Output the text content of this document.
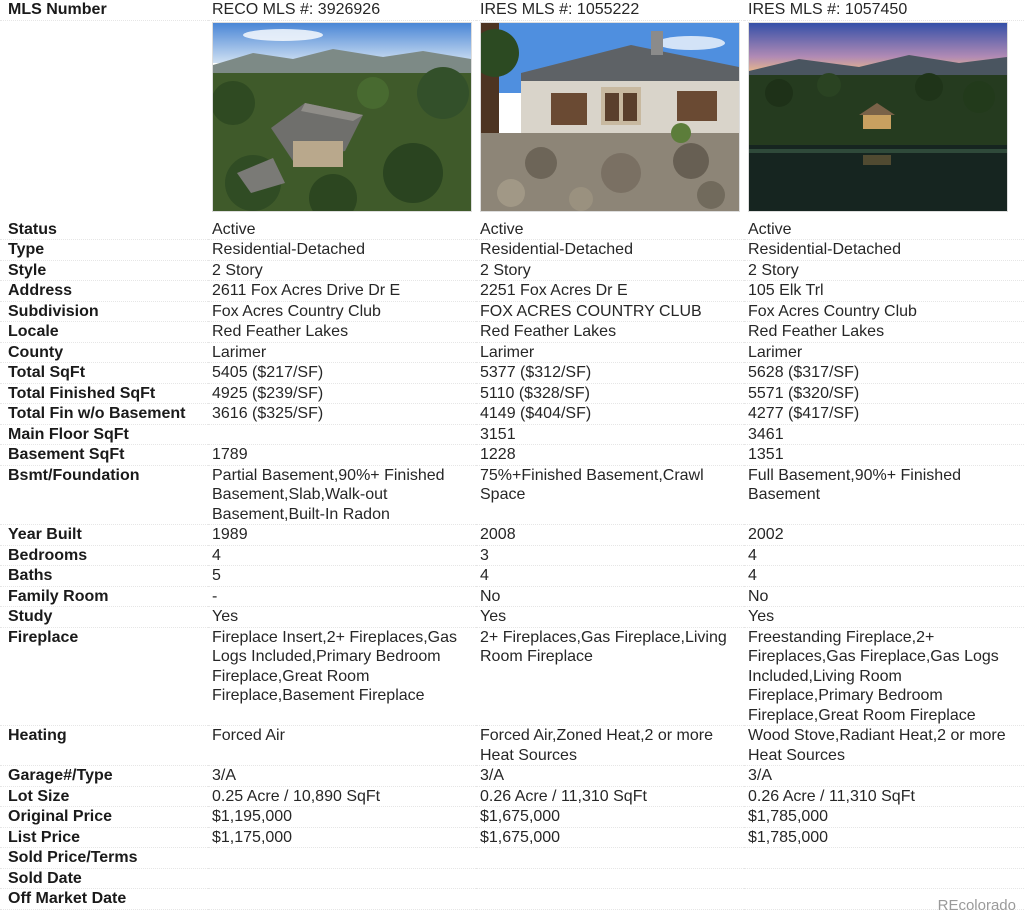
MLS Number	RECO MLS #: 3926926	IRES MLS #: 1055222	IRES MLS #: 1057450

Status	Active	Active	Active
Type	Residential-Detached	Residential-Detached	Residential-Detached
Style	2 Story	2 Story	2 Story
Address	2611 Fox Acres Drive Dr E	2251 Fox Acres Dr E	105 Elk Trl
Subdivision	Fox Acres Country Club	FOX ACRES COUNTRY CLUB	Fox Acres Country Club
Locale	Red Feather Lakes	Red Feather Lakes	Red Feather Lakes
County	Larimer	Larimer	Larimer
Total SqFt	5405 ($217/SF)	5377 ($312/SF)	5628 ($317/SF)
Total Finished SqFt	4925 ($239/SF)	5110 ($328/SF)	5571 ($320/SF)
Total Fin w/o Basement	3616 ($325/SF)	4149 ($404/SF)	4277 ($417/SF)
Main Floor SqFt		3151	3461
Basement SqFt	1789	1228	1351
Bsmt/Foundation	Partial Basement,90%+ Finished Basement,Slab,Walk-out Basement,Built-In Radon	75%+Finished Basement,Crawl Space	Full Basement,90%+ Finished Basement
Year Built	1989	2008	2002
Bedrooms	4	3	4
Baths	5	4	4
Family Room	-	No	No
Study	Yes	Yes	Yes
Fireplace	Fireplace Insert,2+ Fireplaces,Gas Logs Included,Primary Bedroom Fireplace,Great Room Fireplace,Basement Fireplace	2+ Fireplaces,Gas Fireplace,Living Room Fireplace	Freestanding Fireplace,2+ Fireplaces,Gas Fireplace,Gas Logs Included,Living Room Fireplace,Primary Bedroom Fireplace,Great Room Fireplace
Heating	Forced Air	Forced Air,Zoned Heat,2 or more Heat Sources	Wood Stove,Radiant Heat,2 or more Heat Sources
Garage#/Type	3/A	3/A	3/A
Lot Size	0.25 Acre / 10,890 SqFt	0.26 Acre / 11,310 SqFt	0.26 Acre / 11,310 SqFt
Original Price	$1,195,000	$1,675,000	$1,785,000
List Price	$1,175,000	$1,675,000	$1,785,000
Sold Price/Terms			
Sold Date			
Off Market Date				REcolorado
